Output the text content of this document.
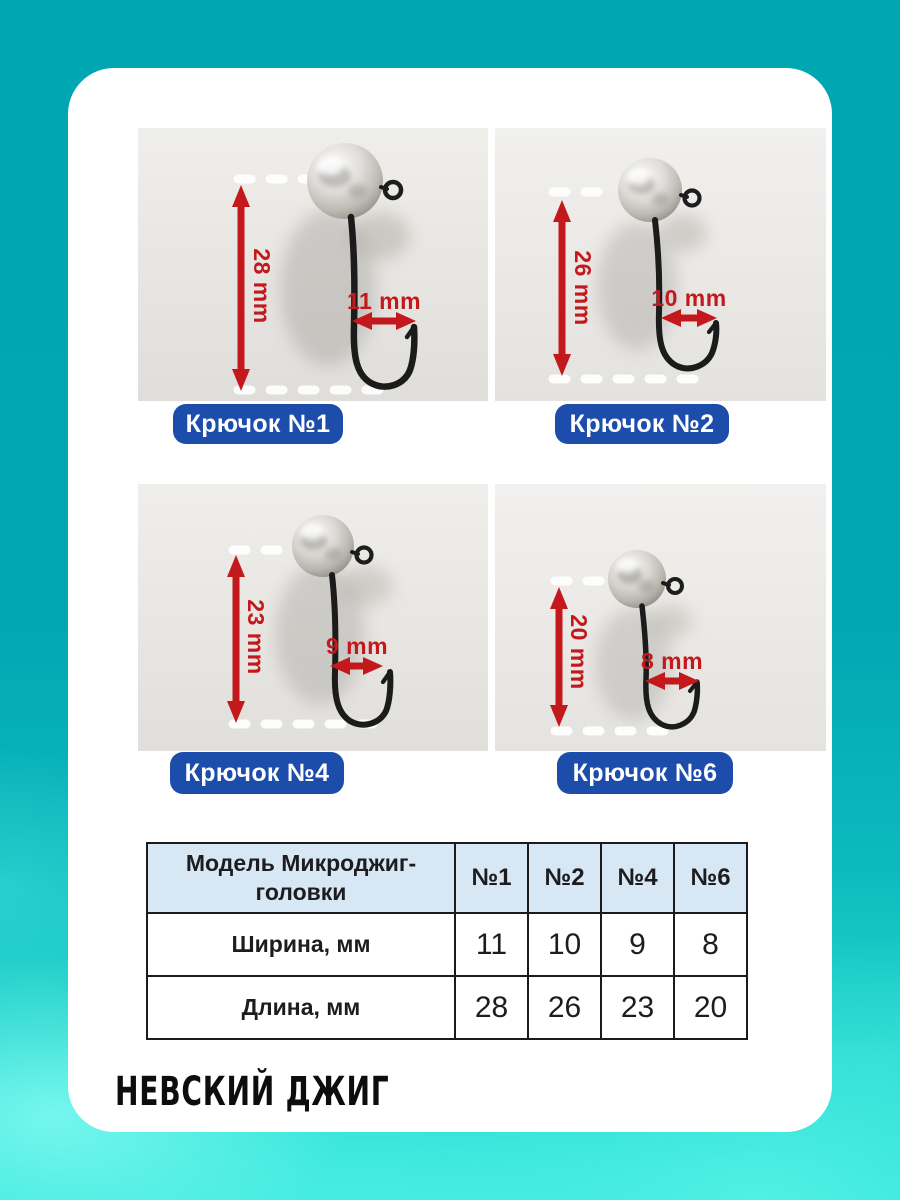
28 mm	11 mm	26 mm 10 mm
23 mm 9 mm	20 mm 8 mm
Крючок №1	Крючок №2
Крючок №4	Крючок №6
Модель Микроджиг-головки	№1	№2	№4	№6
Ширина, мм	11	10	9	8
Длина, мм	28	26	23	20
НЕВСКИЙ ДЖИГ
